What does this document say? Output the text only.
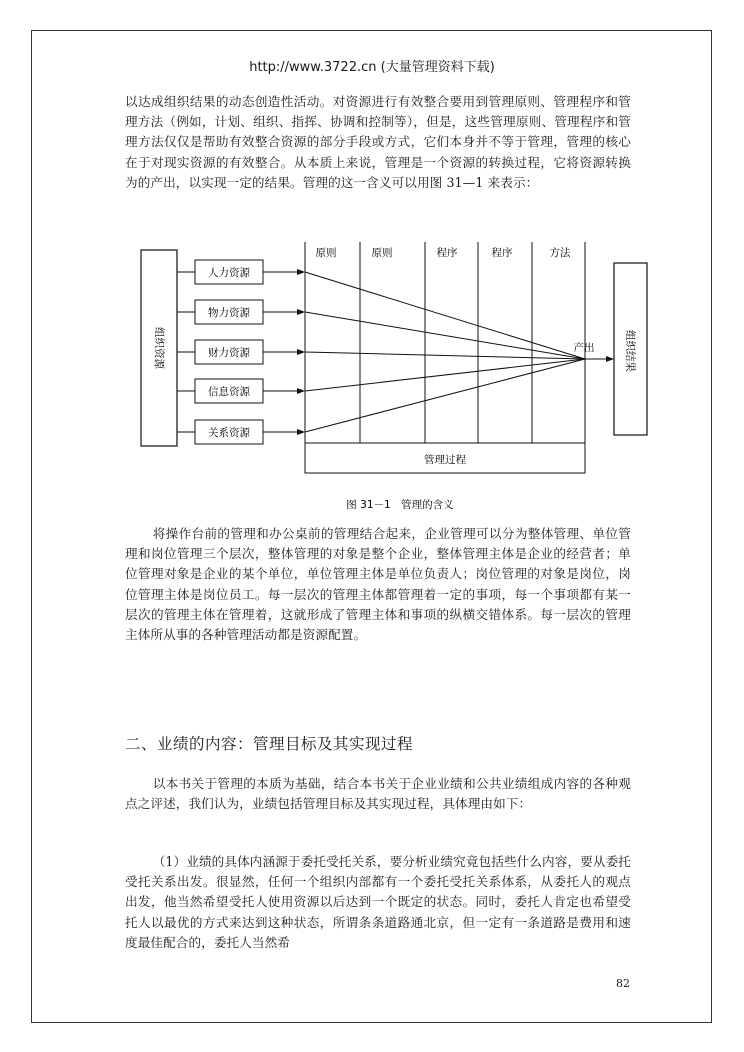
http://www.3722.cn (大量管理资料下载)

以达成组织结果的动态创造性活动。对资源进行有效整合要用到管理原则、管理程序和管理方法（例如，计划、组织、指挥、协调和控制等），但是，这些管理原则、管理程序和管理方法仅仅是帮助有效整合资源的部分手段或方式，它们本身并不等于管理，管理的核心在于对现实资源的有效整合。从本质上来说，管理是一个资源的转换过程，它将资源转换为的产出，以实现一定的结果。管理的这一含义可以用图 31—1 来表示：

组织资源
人力资源
物力资源
财力资源
信息资源
关系资源
原则	原则	程序	程序	方法
产出	组织结果
管理过程
图 31－1　管理的含义

将操作台前的管理和办公桌前的管理结合起来，企业管理可以分为整体管理、单位管理和岗位管理三个层次，整体管理的对象是整个企业，整体管理主体是企业的经营者；单位管理对象是企业的某个单位，单位管理主体是单位负责人；岗位管理的对象是岗位，岗位管理主体是岗位员工。每一层次的管理主体都管理着一定的事项，每一个事项都有某一层次的管理主体在管理着，这就形成了管理主体和事项的纵横交错体系。每一层次的管理主体所从事的各种管理活动都是资源配置。

二、业绩的内容：管理目标及其实现过程

以本书关于管理的本质为基础，结合本书关于企业业绩和公共业绩组成内容的各种观点之评述，我们认为，业绩包括管理目标及其实现过程，具体理由如下：

（1）业绩的具体内涵源于委托受托关系，要分析业绩究竟包括些什么内容，要从委托受托关系出发。很显然，任何一个组织内部都有一个委托受托关系体系，从委托人的观点出发，他当然希望受托人使用资源以后达到一个既定的状态。同时，委托人肯定也希望受托人以最优的方式来达到这种状态，所谓条条道路通北京，但一定有一条道路是费用和速度最佳配合的，委托人当然希

82
